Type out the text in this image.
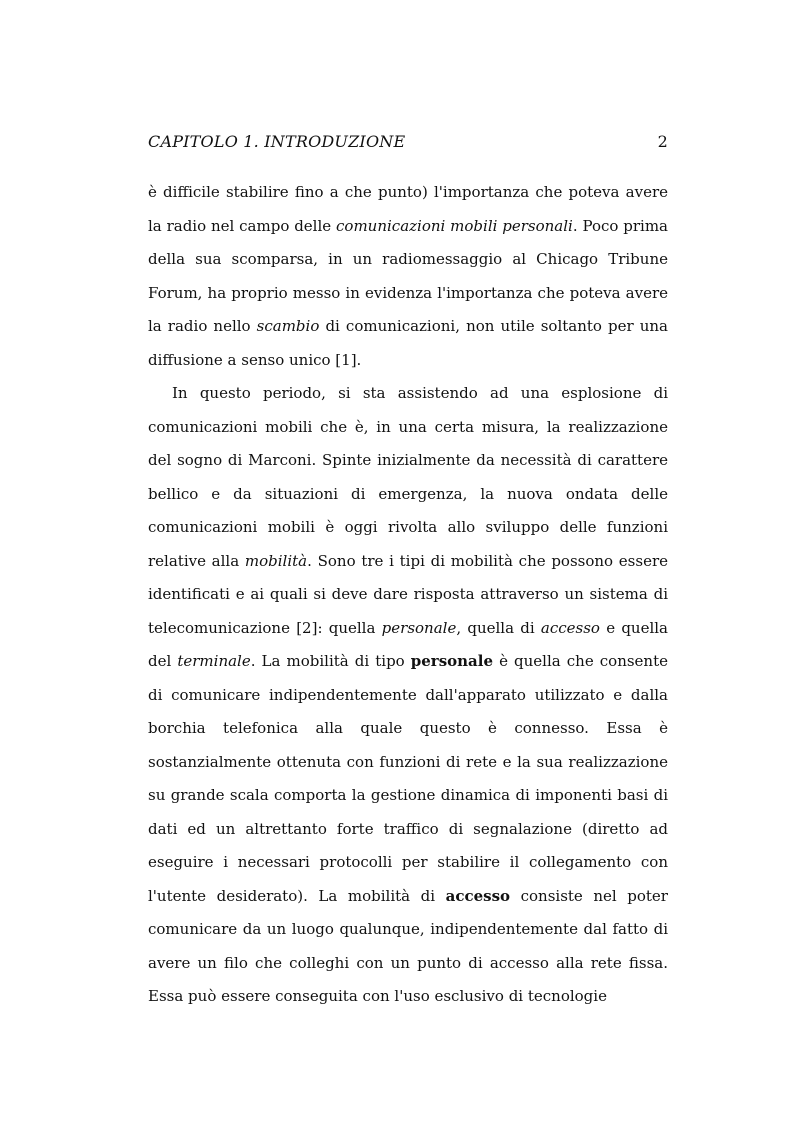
CAPITOLO 1. INTRODUZIONE	2

è difficile stabilire fino a che punto) l'importanza che poteva avere la radio nel campo delle comunicazioni mobili personali. Poco prima della sua scomparsa, in un radiomessaggio al Chicago Tribune Forum, ha proprio messo in evidenza l'importanza che poteva avere la radio nello scambio di comunicazioni, non utile soltanto per una diffusione a senso unico [1].

In questo periodo, si sta assistendo ad una esplosione di comunicazioni mobili che è, in una certa misura, la realizzazione del sogno di Marconi. Spinte inizialmente da necessità di carattere bellico e da situazioni di emergenza, la nuova ondata delle comunicazioni mobili è oggi rivolta allo sviluppo delle funzioni relative alla mobilità. Sono tre i tipi di mobilità che possono essere identificati e ai quali si deve dare risposta attraverso un sistema di telecomunicazione [2]: quella personale, quella di accesso e quella del terminale. La mobilità di tipo personale è quella che consente di comunicare indipendentemente dall'apparato utilizzato e dalla borchia telefonica alla quale questo è connesso. Essa è sostanzialmente ottenuta con funzioni di rete e la sua realizzazione su grande scala comporta la gestione dinamica di imponenti basi di dati ed un altrettanto forte traffico di segnalazione (diretto ad eseguire i necessari protocolli per stabilire il collegamento con l'utente desiderato). La mobilità di accesso consiste nel poter comunicare da un luogo qualunque, indipendentemente dal fatto di avere un filo che colleghi con un punto di accesso alla rete fissa. Essa può essere conseguita con l'uso esclusivo di tecnologie
